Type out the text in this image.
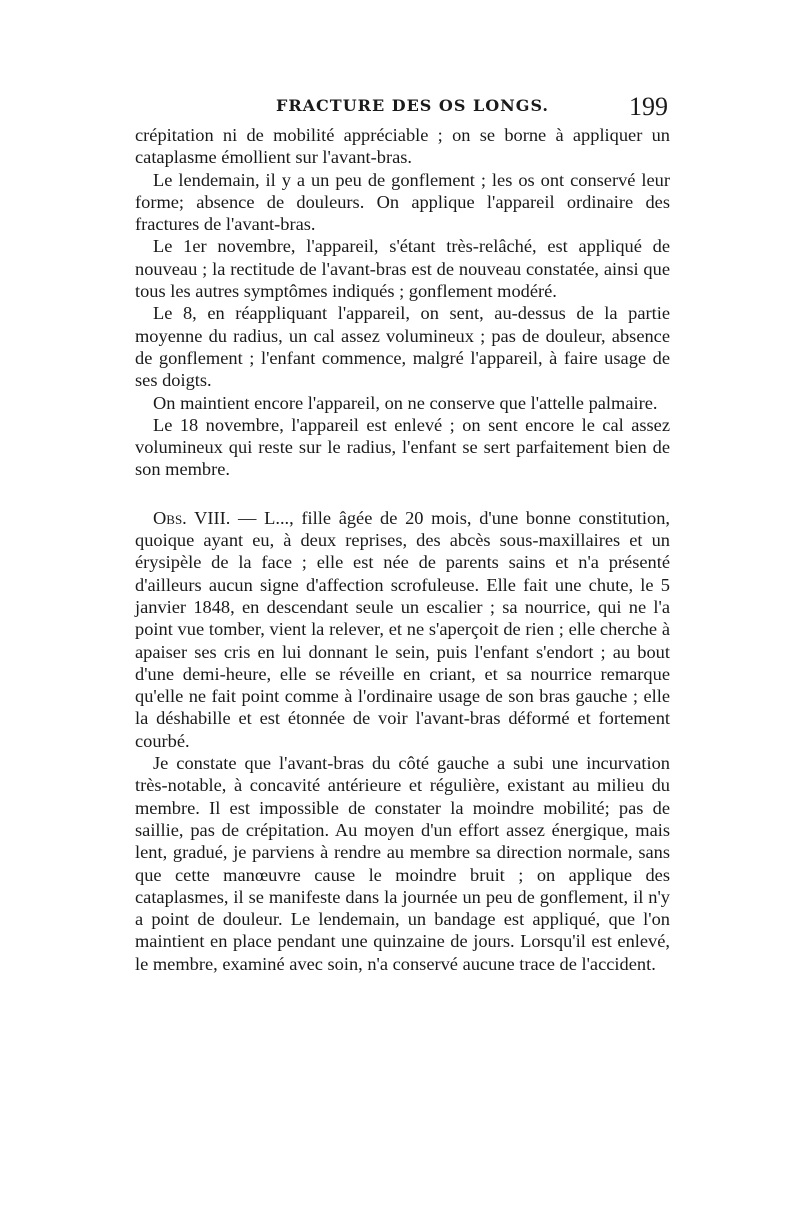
FRACTURE DES OS LONGS.	199

crépitation ni de mobilité appréciable ; on se borne à appliquer un cataplasme émollient sur l'avant-bras.

Le lendemain, il y a un peu de gonflement ; les os ont conservé leur forme; absence de douleurs. On applique l'appareil ordinaire des fractures de l'avant-bras.

Le 1er novembre, l'appareil, s'étant très-relâché, est appliqué de nouveau ; la rectitude de l'avant-bras est de nouveau constatée, ainsi que tous les autres symptômes indiqués ; gonflement modéré.

Le 8, en réappliquant l'appareil, on sent, au-dessus de la partie moyenne du radius, un cal assez volumineux ; pas de douleur, absence de gonflement ; l'enfant commence, malgré l'appareil, à faire usage de ses doigts.

On maintient encore l'appareil, on ne conserve que l'attelle palmaire.

Le 18 novembre, l'appareil est enlevé ; on sent encore le cal assez volumineux qui reste sur le radius, l'enfant se sert parfaitement bien de son membre.

Obs. VIII. — L..., fille âgée de 20 mois, d'une bonne constitution, quoique ayant eu, à deux reprises, des abcès sous-maxillaires et un érysipèle de la face ; elle est née de parents sains et n'a présenté d'ailleurs aucun signe d'affection scrofuleuse. Elle fait une chute, le 5 janvier 1848, en descendant seule un escalier ; sa nourrice, qui ne l'a point vue tomber, vient la relever, et ne s'aperçoit de rien ; elle cherche à apaiser ses cris en lui donnant le sein, puis l'enfant s'endort ; au bout d'une demi-heure, elle se réveille en criant, et sa nourrice remarque qu'elle ne fait point comme à l'ordinaire usage de son bras gauche ; elle la déshabille et est étonnée de voir l'avant-bras déformé et fortement courbé.

Je constate que l'avant-bras du côté gauche a subi une incurvation très-notable, à concavité antérieure et régulière, existant au milieu du membre. Il est impossible de constater la moindre mobilité; pas de saillie, pas de crépitation. Au moyen d'un effort assez énergique, mais lent, gradué, je parviens à rendre au membre sa direction normale, sans que cette manœuvre cause le moindre bruit ; on applique des cataplasmes, il se manifeste dans la journée un peu de gonflement, il n'y a point de douleur. Le lendemain, un bandage est appliqué, que l'on maintient en place pendant une quinzaine de jours. Lorsqu'il est enlevé, le membre, examiné avec soin, n'a conservé aucune trace de l'accident.
